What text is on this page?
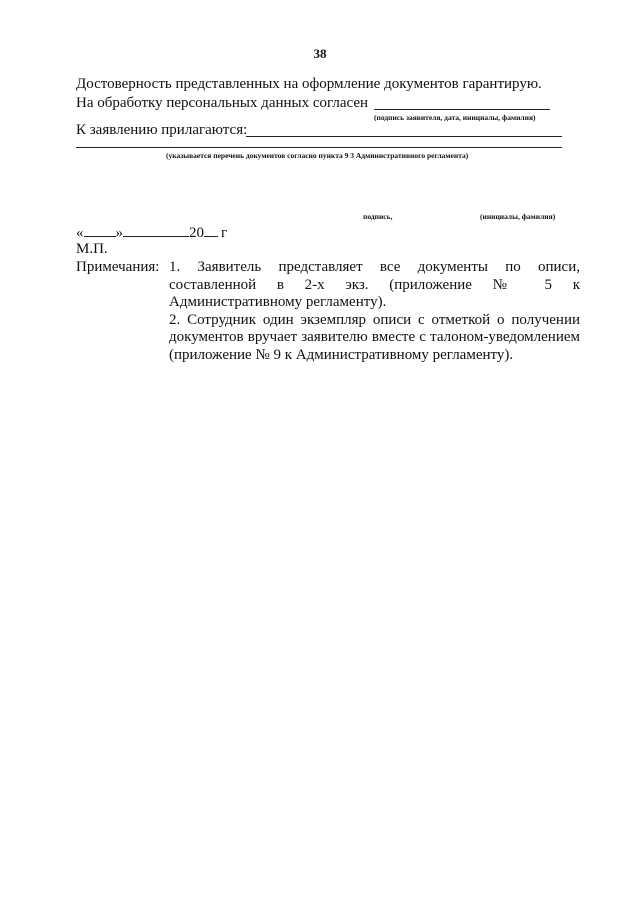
38
Достоверность представленных на оформление документов гарантирую.
На обработку персональных данных согласен
(подпись заявителя, дата, инициалы, фамилия)
К заявлению прилагаются:
(указывается перечень документов согласно пункта 9 3 Административного регламента)
подпись,	(инициалы, фамилия)
« »	20 г
М.П.
Примечания: 1. Заявитель представляет все документы по описи, составленной в 2-х экз. (приложение № 5 к Административному регламенту).

2. Сотрудник один экземпляр описи с отметкой о получении документов вручает заявителю вместе с талоном-уведомлением (приложение № 9 к Административному регламенту).
